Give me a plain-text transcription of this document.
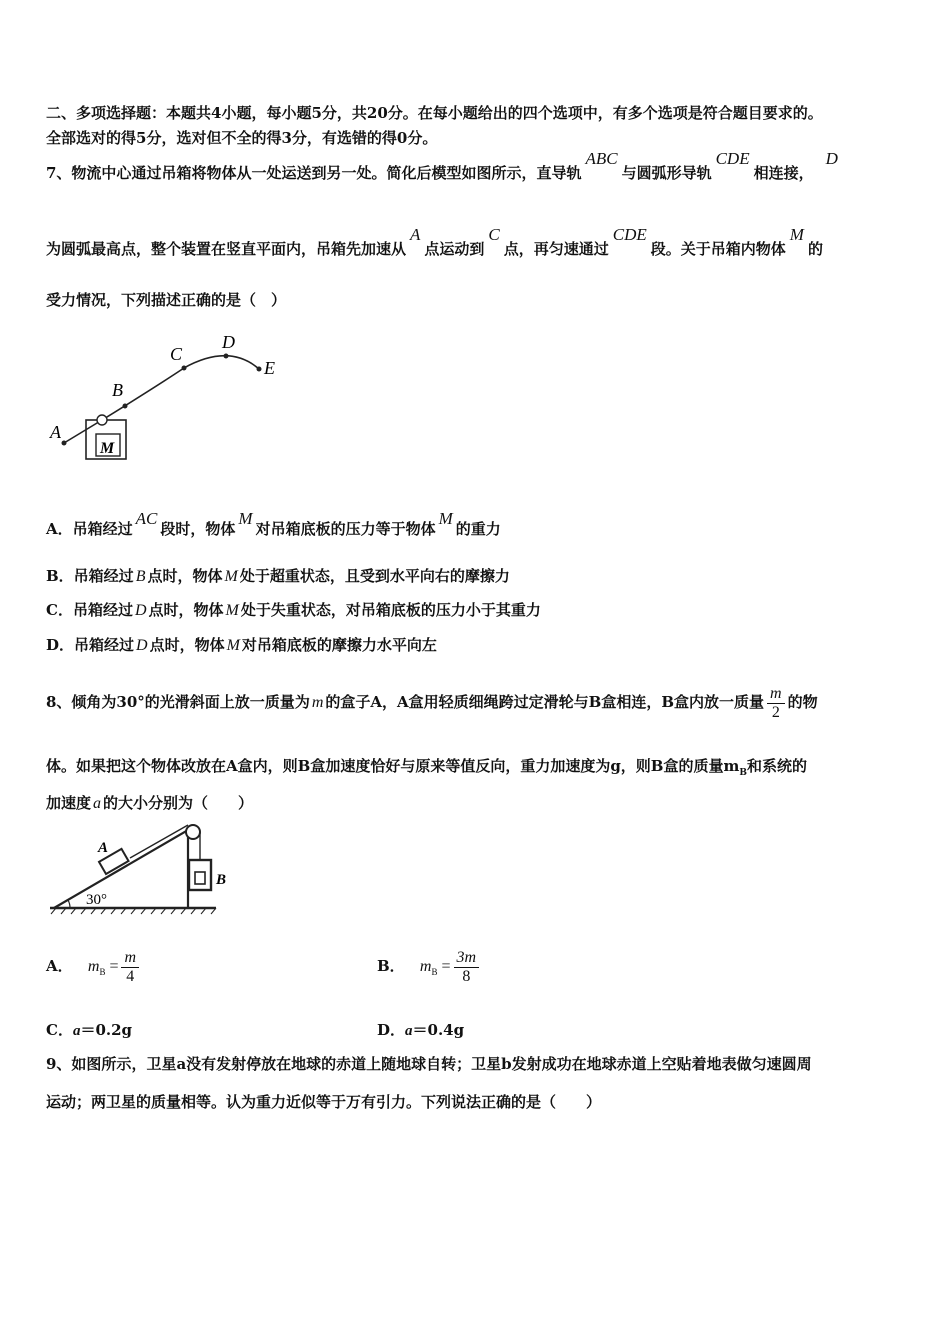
二、多项选择题：本题共4小题，每小题5分，共20分。在每小题给出的四个选项中，有多个选项是符合题目要求的。
全部选对的得5分，选对但不全的得3分，有选错的得0分。
7、物流中心通过吊箱将物体从一处运送到另一处。简化后模型如图所示，直导轨ABC与圆弧形导轨CDE相连接，D
为圆弧最高点，整个装置在竖直平面内，吊箱先加速从A点运动到C点，再匀速通过CDE段。关于吊箱内物体M的
受力情况，下列描述正确的是（　）
A
B
C
D
E
M
A．吊箱经过AC段时，物体M对吊箱底板的压力等于物体M的重力
B．吊箱经过 B 点时，物体 M 处于超重状态，且受到水平向右的摩擦力
C．吊箱经过 D 点时，物体 M 处于失重状态，对吊箱底板的压力小于其重力
D．吊箱经过 D 点时，物体 M 对吊箱底板的摩擦力水平向左
8、倾角为30°的光滑斜面上放一质量为 m 的盒子A，A盒用轻质细绳跨过定滑轮与B盒相连，B盒内放一质量 $\frac{m}{2}$ 的物
体。如果把这个物体改放在A盒内，则B盒加速度恰好与原来等值反向，重力加速度为g，则B盒的质量$m_B$和系统的
加速度 a 的大小分别为（　　）
30°
A
B
A． $m_B = \frac{m}{4}$	B． $m_B = \frac{3m}{8}$
C．a＝0.2g	D．a＝0.4g
9、如图所示，卫星a没有发射停放在地球的赤道上随地球自转；卫星b发射成功在地球赤道上空贴着地表做匀速圆周
运动；两卫星的质量相等。认为重力近似等于万有引力。下列说法正确的是（　　）
